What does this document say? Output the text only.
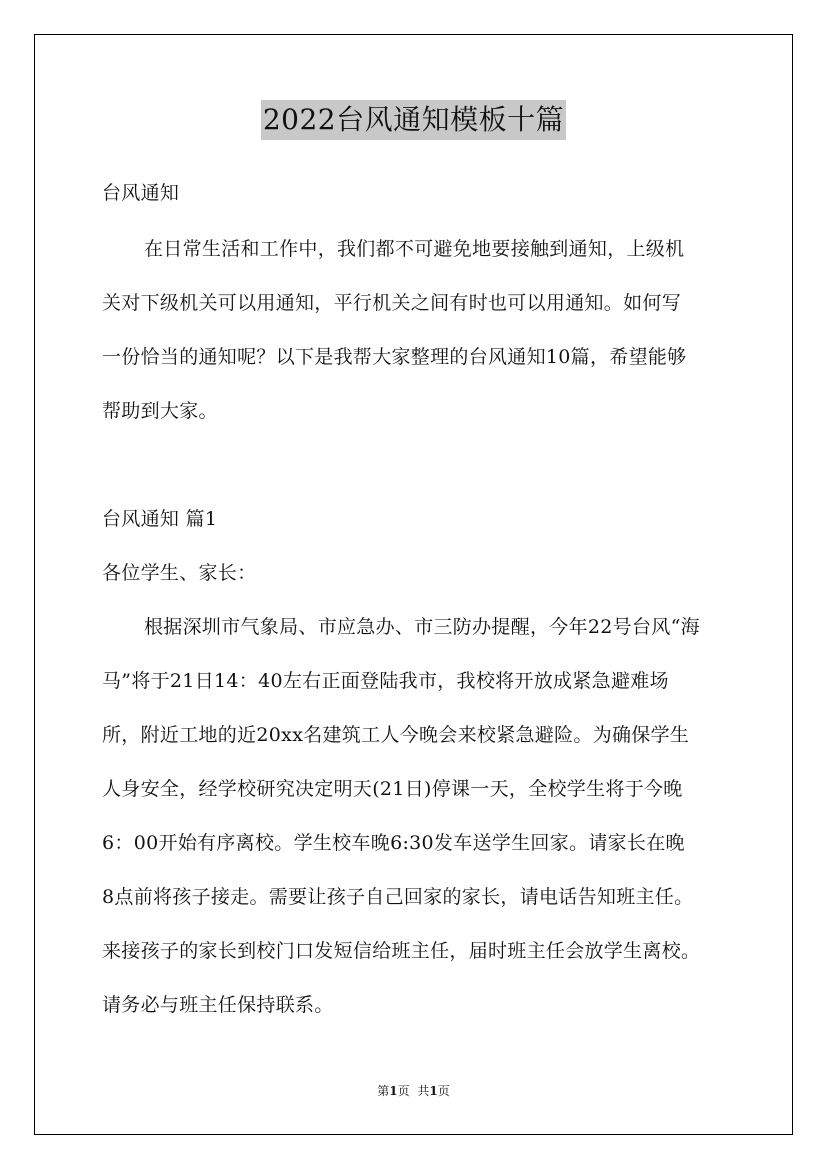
2022台风通知模板十篇
台风通知
在日常生活和工作中，我们都不可避免地要接触到通知，上级机
关对下级机关可以用通知，平行机关之间有时也可以用通知。如何写
一份恰当的通知呢？以下是我帮大家整理的台风通知10篇，希望能够
帮助到大家。
台风通知 篇1
各位学生、家长：
根据深圳市气象局、市应急办、市三防办提醒，今年22号台风“海
马”将于21日14：40左右正面登陆我市，我校将开放成紧急避难场
所，附近工地的近20xx名建筑工人今晚会来校紧急避险。为确保学生
人身安全，经学校研究决定明天(21日)停课一天，全校学生将于今晚
6：00开始有序离校。学生校车晚6:30发车送学生回家。请家长在晚
8点前将孩子接走。需要让孩子自己回家的家长，请电话告知班主任。
来接孩子的家长到校门口发短信给班主任，届时班主任会放学生离校。
请务必与班主任保持联系。
第1页 共1页
